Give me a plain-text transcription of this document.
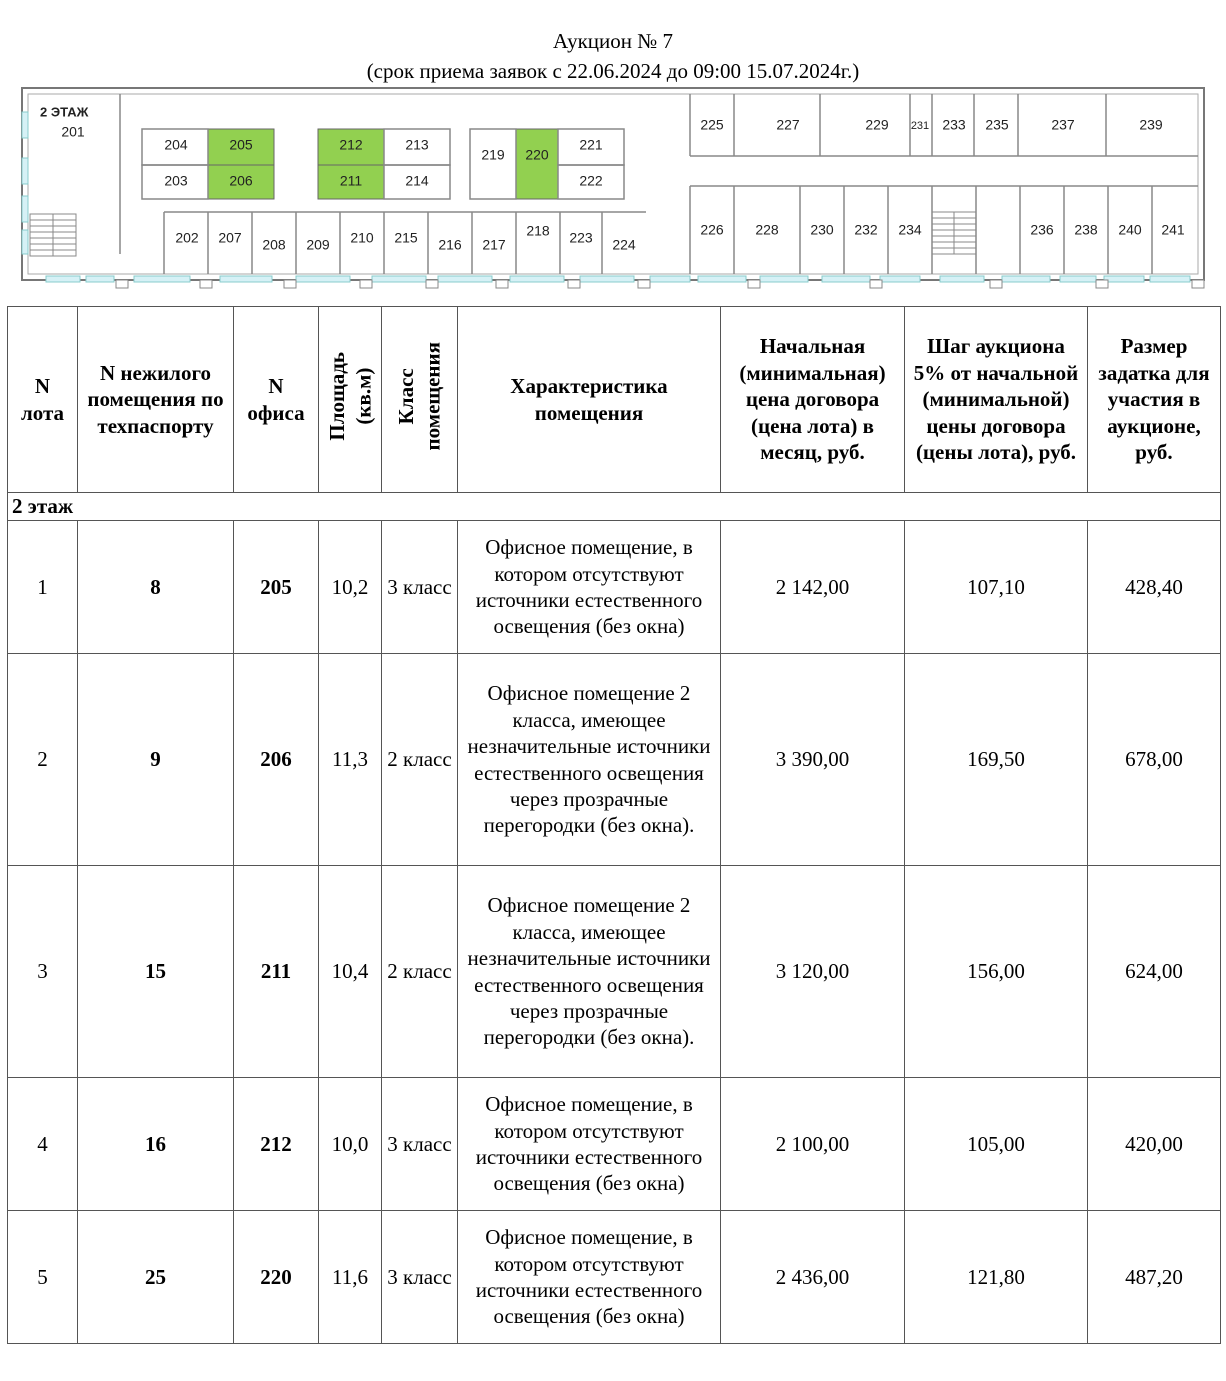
Аукцион № 7
(срок приема заявок с 22.06.2024 до 09:00 15.07.2024г.)
2 ЭТАЖ
201
204	205	212	213
219 220
221
203	206	211	214	222
202 207 208 209 210 215 216 217
218 223 224
225	227	229 231 233 235	237	239
226 228 230 232 234	236 238 240 241
N лота	N нежилого помещения по техпаспорту	N офиса	Площадь (кв.м)	Класс помещения	Характеристика помещения	Начальная (минимальная) цена договора (цена лота) в месяц, руб.	Шаг аукциона 5% от начальной (минимальной) цены договора (цены лота), руб.	Размер задатка для участия в аукционе, руб.
2 этаж								
1	8	205	10,2	3 класс	Офисное помещение, в котором отсутствуют источники естественного освещения (без окна)	2 142,00	107,10	428,40
2	9	206	11,3	2 класс	Офисное помещение 2 класса, имеющее незначительные источники естественного освещения через прозрачные перегородки (без окна).	3 390,00	169,50	678,00
3	15	211	10,4	2 класс	Офисное помещение 2 класса, имеющее незначительные источники естественного освещения через прозрачные перегородки (без окна).	3 120,00	156,00	624,00
4	16	212	10,0	3 класс	Офисное помещение, в котором отсутствуют источники естественного освещения (без окна)	2 100,00	105,00	420,00
5	25	220	11,6	3 класс	Офисное помещение, в котором отсутствуют источники естественного освещения (без окна)	2 436,00	121,80	487,20
